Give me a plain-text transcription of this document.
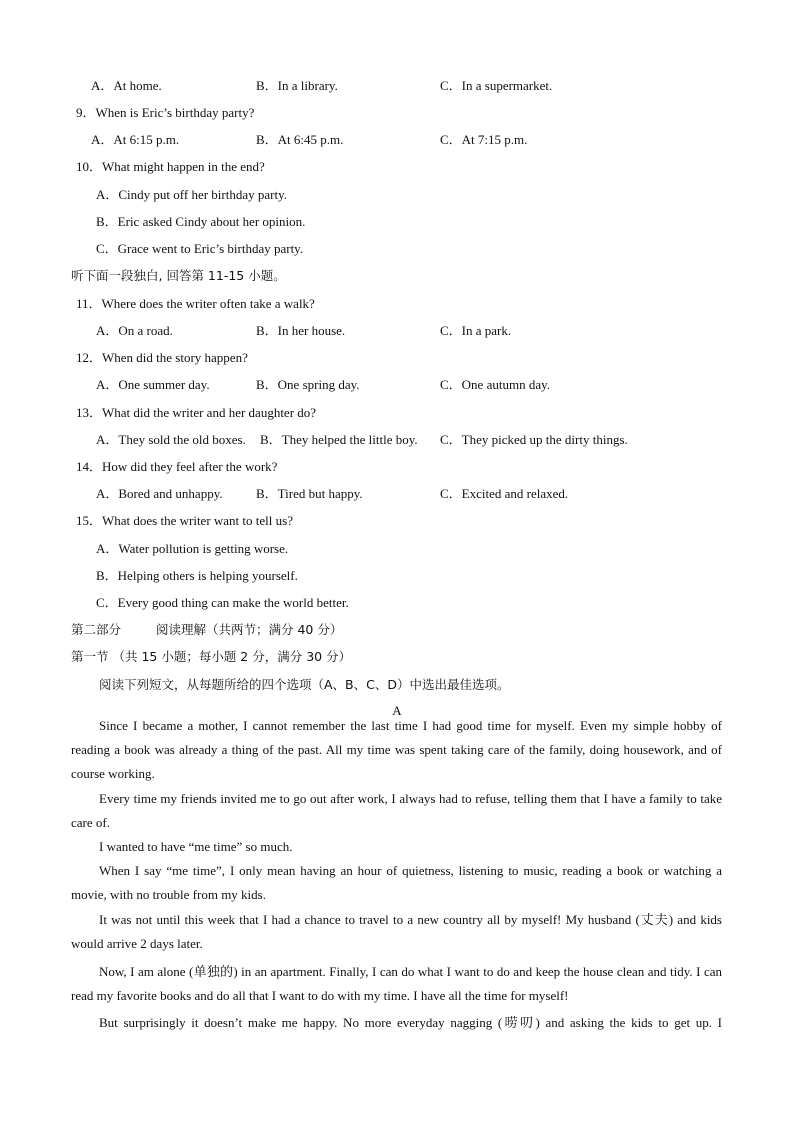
A．At home.	B．In a library.	C．In a supermarket.
9．When is Eric’s birthday party?
A．At 6:15 p.m.	B．At 6:45 p.m.	C．At 7:15 p.m.
10．What might happen in the end?
A．Cindy put off her birthday party.
B．Eric asked Cindy about her opinion.
C．Grace went to Eric’s birthday party.
听下面一段独白, 回答第 11-15 小题。
11．Where does the writer often take a walk?
A．On a road.	B．In her house.	C．In a park.
12．When did the story happen?
A．One summer day.	B．One spring day.	C．One autumn day.
13．What did the writer and her daughter do?
A．They sold the old boxes. B．They helped the little boy. C．They picked up the dirty things.
14．How did they feel after the work?
A．Bored and unhappy.	B．Tired but happy.	C．Excited and relaxed.
15．What does the writer want to tell us?
A．Water pollution is getting worse.
B．Helping others is helping yourself.
C．Every good thing can make the world better.
第二部分	阅读理解（共两节；满分 40 分）
第一节 （共 15 小题；每小题 2 分，满分 30 分）
阅读下列短文，从每题所给的四个选项（A、B、C、D）中选出最佳选项。
A
Since I became a mother, I cannot remember the last time I had good time for myself. Even my simple hobby of reading a book was already a thing of the past. All my time was spent taking care of the family, doing housework, and of course working.
Every time my friends invited me to go out after work, I always had to refuse, telling them that I have a family to take care of.
I wanted to have “me time” so much.
When I say “me time”, I only mean having an hour of quietness, listening to music, reading a book or watching a movie, with no trouble from my kids.
It was not until this week that I had a chance to travel to a new country all by myself! My husband (丈夫) and kids would arrive 2 days later.
Now, I am alone (单独的) in an apartment. Finally, I can do what I want to do and keep the house clean and tidy. I can read my favorite books and do all that I want to do with my time. I have all the time for myself!
But surprisingly it doesn’t make me happy. No more everyday nagging (唠叨) and asking the kids to get up. I
